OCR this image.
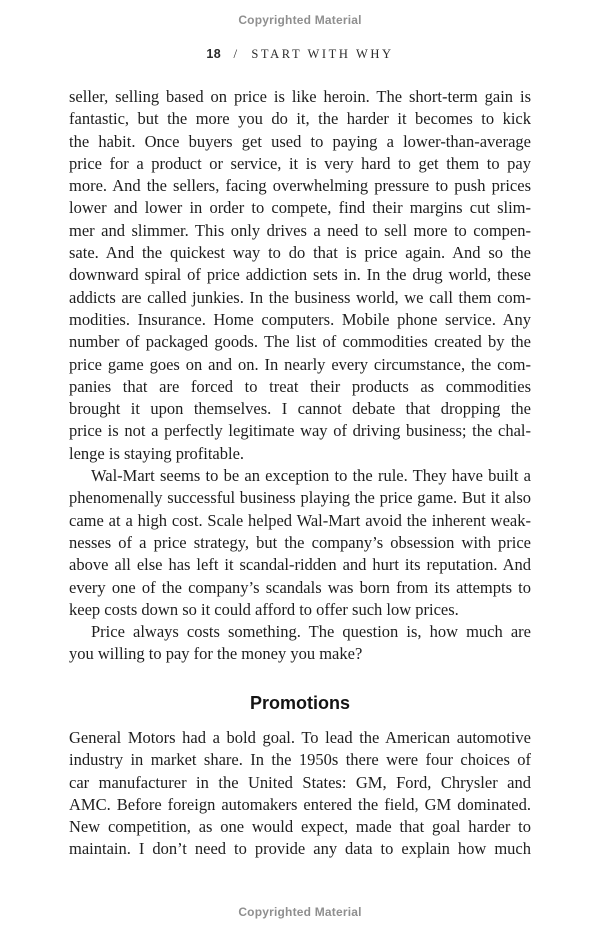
Copyrighted Material
18 / START WITH WHY
seller, selling based on price is like heroin. The short-term gain is
fantastic, but the more you do it, the harder it becomes to kick
the habit. Once buyers get used to paying a lower-than-average
price for a product or service, it is very hard to get them to pay
more. And the sellers, facing overwhelming pressure to push prices
lower and lower in order to compete, find their margins cut slim-
mer and slimmer. This only drives a need to sell more to compen-
sate. And the quickest way to do that is price again. And so the
downward spiral of price addiction sets in. In the drug world, these
addicts are called junkies. In the business world, we call them com-
modities. Insurance. Home computers. Mobile phone service. Any
number of packaged goods. The list of commodities created by the
price game goes on and on. In nearly every circumstance, the com-
panies that are forced to treat their products as commodities
brought it upon themselves. I cannot debate that dropping the
price is not a perfectly legitimate way of driving business; the chal-
lenge is staying profitable.
Wal-Mart seems to be an exception to the rule. They have built a
phenomenally successful business playing the price game. But it also
came at a high cost. Scale helped Wal-Mart avoid the inherent weak-
nesses of a price strategy, but the company’s obsession with price
above all else has left it scandal-ridden and hurt its reputation. And
every one of the company’s scandals was born from its attempts to
keep costs down so it could afford to offer such low prices.
Price always costs something. The question is, how much are
you willing to pay for the money you make?
Promotions
General Motors had a bold goal. To lead the American automotive
industry in market share. In the 1950s there were four choices of
car manufacturer in the United States: GM, Ford, Chrysler and
AMC. Before foreign automakers entered the field, GM dominated.
New competition, as one would expect, made that goal harder to
maintain. I don’t need to provide any data to explain how much
Copyrighted Material
